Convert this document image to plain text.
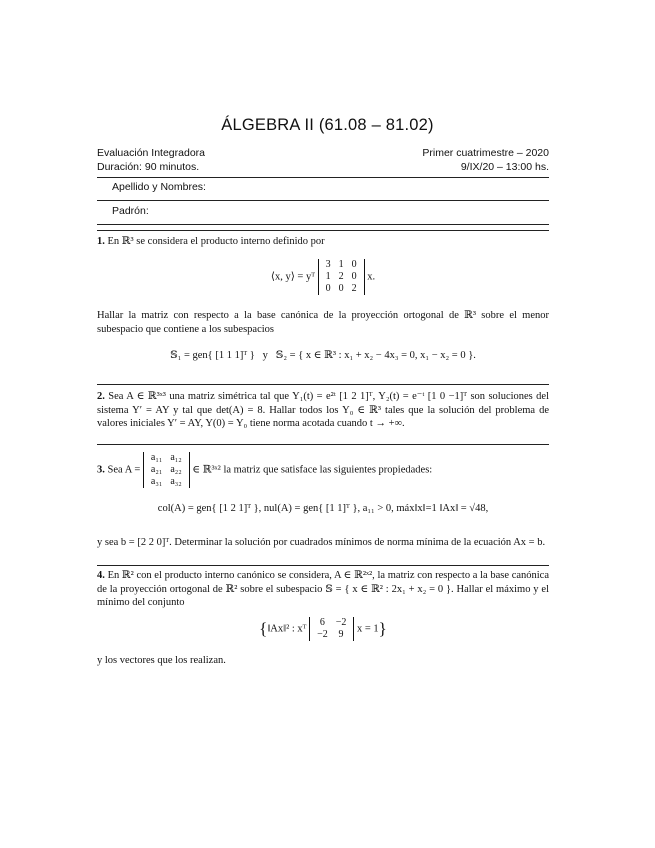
ÁLGEBRA II (61.08 – 81.02)
Evaluación Integradora
Duración: 90 minutos.
Primer cuatrimestre – 2020
9/IX/20 – 13:00 hs.
Apellido y Nombres:
Padrón:
1. En ℝ³ se considera el producto interno definido por
⟨x, y⟩ = yᵀ
3	1	0
1	2	0
0	0	2
x.
Hallar la matriz con respecto a la base canónica de la proyección ortogonal de ℝ³ sobre el menor subespacio que contiene a los subespacios
𝕊₁ = gen{ [1 1 1]ᵀ } y 𝕊₂ = { x ∈ ℝ³ : x₁ + x₂ − 4x₃ = 0, x₁ − x₂ = 0 }.
2. Sea A ∈ ℝ³ˣ³ una matriz simétrica tal que Y₁(t) = e²ᵗ [1 2 1]ᵀ, Y₂(t) = e⁻ᵗ [1 0 −1]ᵀ son soluciones del sistema Y′ = AY y tal que det(A) = 8. Hallar todos los Y₀ ∈ ℝ³ tales que la solución del problema de valores iniciales Y′ = AY, Y(0) = Y₀ tiene norma acotada cuando t → +∞.
3. Sea A =
a₁₁	a₁₂
a₂₁	a₂₂
a₃₁	a₃₂
∈ ℝ³ˣ² la matriz que satisface las siguientes propiedades:
col(A) = gen{ [1 2 1]ᵀ }, nul(A) = gen{ [1 1]ᵀ }, a₁₁ > 0, máx‖x‖=1 ‖Ax‖ = √48,
y sea b = [2 2 0]ᵀ. Determinar la solución por cuadrados mínimos de norma mínima de la ecuación Ax = b.
4. En ℝ² con el producto interno canónico se considera, A ∈ ℝ²ˣ², la matriz con respecto a la base canónica de la proyección ortogonal de ℝ² sobre el subespacio 𝕊 = { x ∈ ℝ² : 2x₁ + x₂ = 0 }. Hallar el máximo y el mínimo del conjunto
{‖Ax‖² : xᵀ
6	−2
−2	9
x = 1}
y los vectores que los realizan.
